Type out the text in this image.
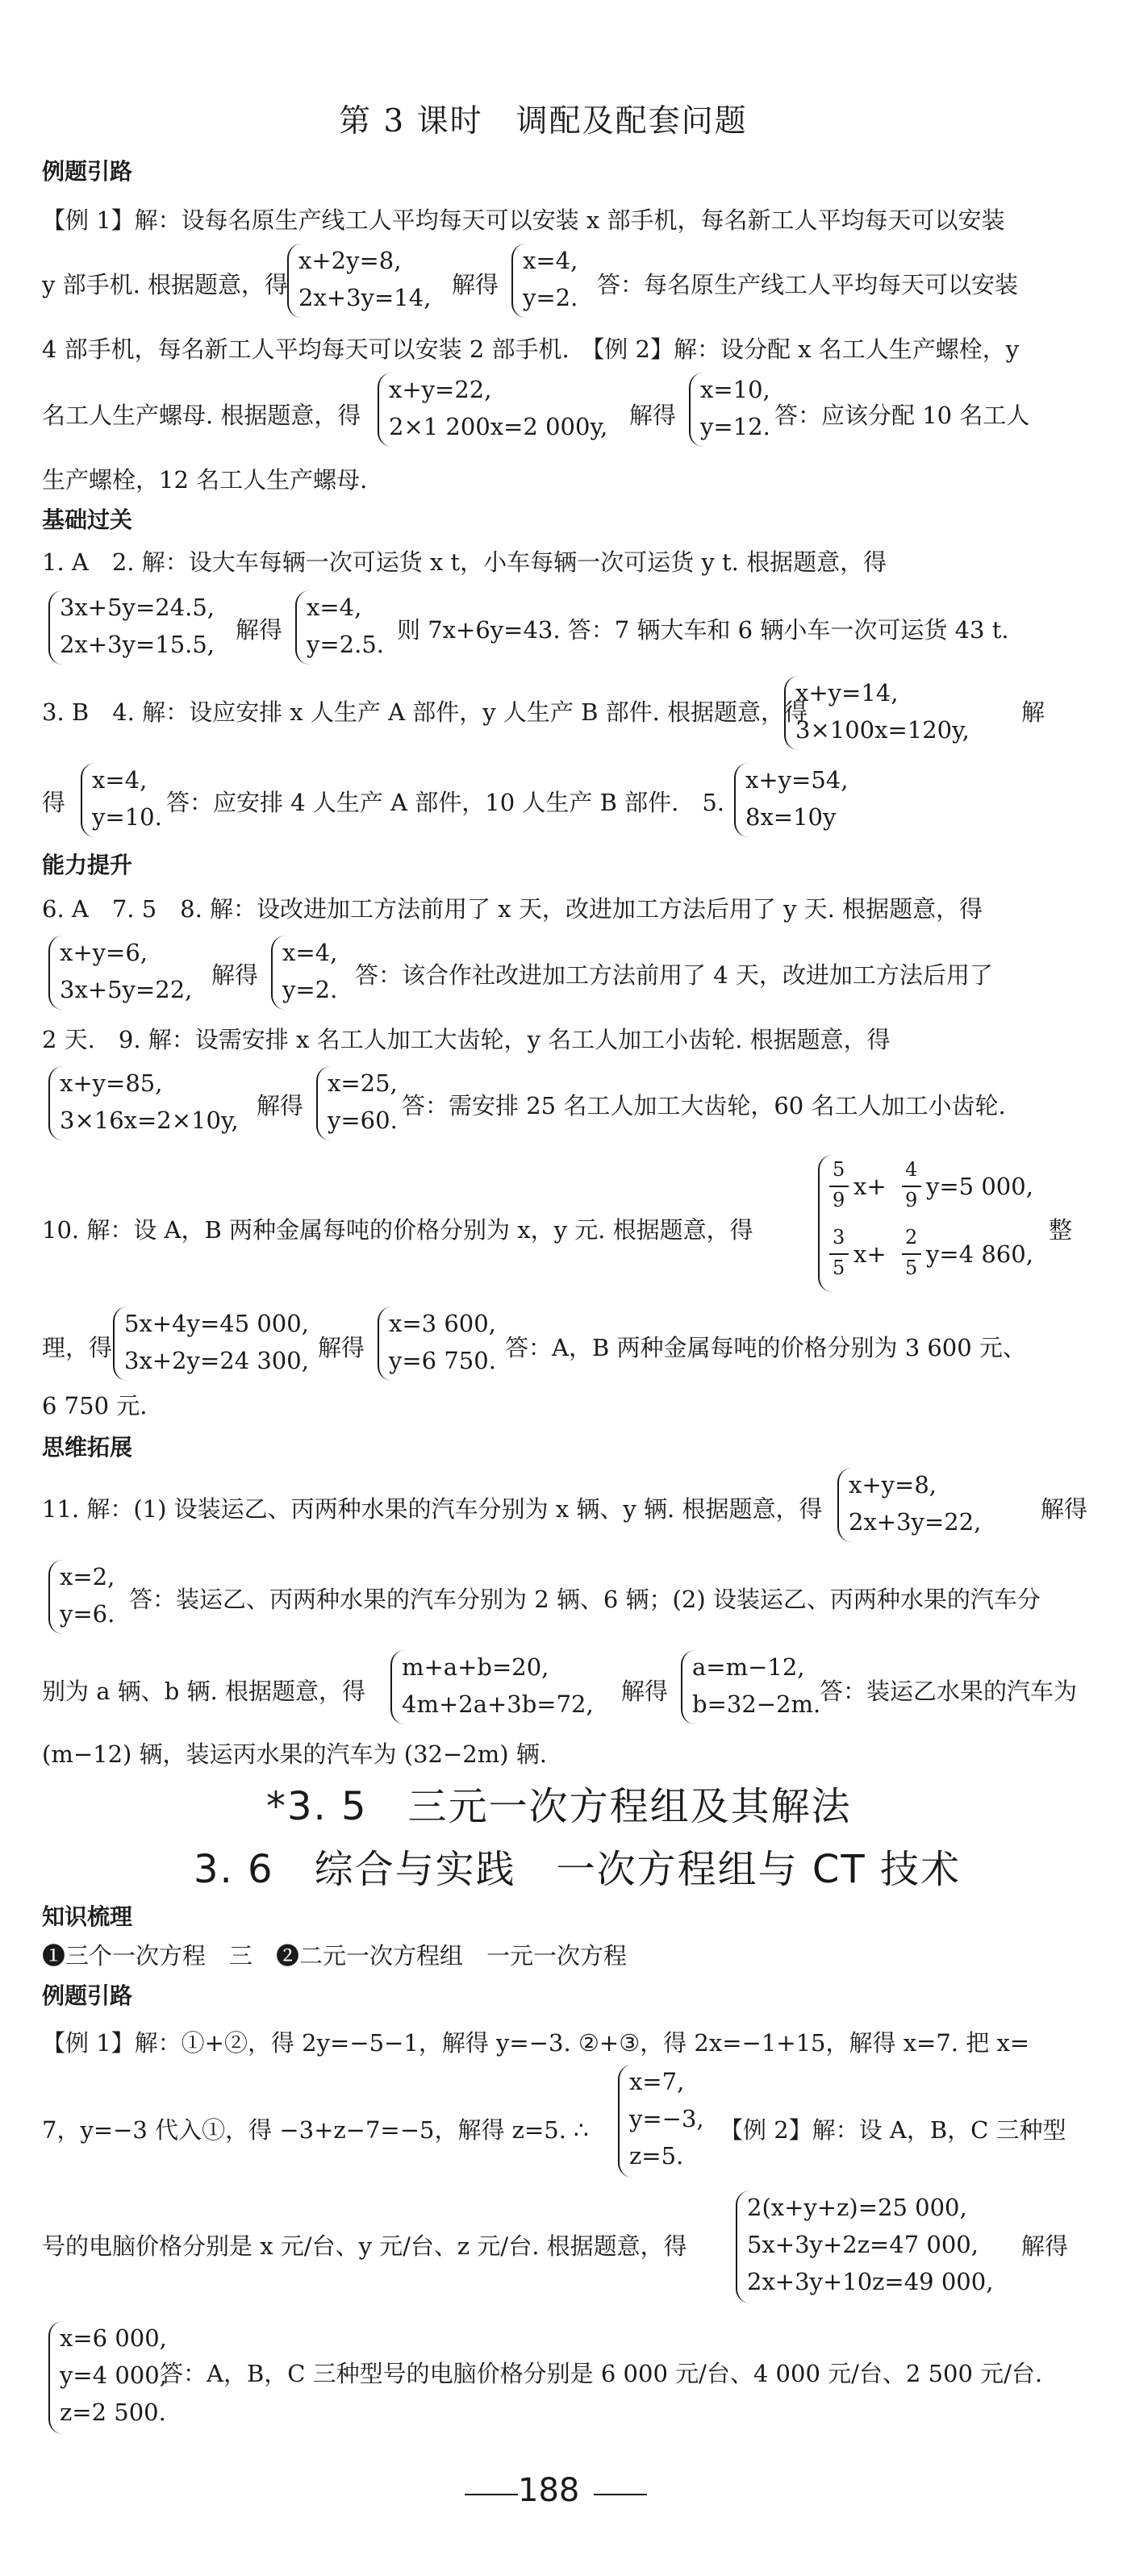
第 3 课时　调配及配套问题
例题引路
【例 1】解：设每名原生产线工人平均每天可以安装 x 部手机，每名新工人平均每天可以安装
y 部手机. 根据题意，得
x+2y=8,
2x+3y=14, 解得
x=4,
y=2. 答：每名原生产线工人平均每天可以安装
4 部手机，每名新工人平均每天可以安装 2 部手机.　【例 2】解：设分配 x 名工人生产螺栓，y
名工人生产螺母. 根据题意，得
x+y=22,
2×1 200x=2 000y, 解得
x=10,
y=12. 答：应该分配 10 名工人
生产螺栓，12 名工人生产螺母.
基础过关
1. A　2. 解：设大车每辆一次可运货 x t，小车每辆一次可运货 y t. 根据题意，得
3x+5y=24.5,
2x+3y=15.5,
解得
x=4,
y=2.5.
则 7x+6y=43. 答：7 辆大车和 6 辆小车一次可运货 43 t.
3. B　4. 解：设应安排 x 人生产 A 部件，y 人生产 B 部件. 根据题意，得
x+y=14,
3×100x=120y,
解
得
x=4,
y=10.
答：应安排 4 人生产 A 部件，10 人生产 B 部件.　5.
x+y=54,
8x=10y
能力提升
6. A　7. 5　8. 解：设改进加工方法前用了 x 天，改进加工方法后用了 y 天. 根据题意，得
x+y=6,
3x+5y=22,
解得
x=4,
y=2.
答：该合作社改进加工方法前用了 4 天，改进加工方法后用了
2 天.　9. 解：设需安排 x 名工人加工大齿轮，y 名工人加工小齿轮. 根据题意，得
x+y=85,
3×16x=2×10y,
解得
x=25,
y=60.
答：需安排 25 名工人加工大齿轮，60 名工人加工小齿轮.
10. 解：设 A，B 两种金属每吨的价格分别为 x，y 元. 根据题意，得
5
9 x+
4
9 y=5 000,
3
5 x+
2
5 y=4 860,
整
理，得
5x+4y=45 000,
3x+2y=24 300, 解得
x=3 600,
y=6 750. 答：A，B 两种金属每吨的价格分别为 3 600 元、
6 750 元.
思维拓展
11. 解：(1) 设装运乙、丙两种水果的汽车分别为 x 辆、y 辆. 根据题意，得
x+y=8,
2x+3y=22,	解得
x=2,
y=6.
答：装运乙、丙两种水果的汽车分别为 2 辆、6 辆；(2) 设装运乙、丙两种水果的汽车分
别为 a 辆、b 辆. 根据题意，得
m+a+b=20,
4m+2a+3b=72, 解得
a=m−12,
b=32−2m.
答：装运乙水果的汽车为
(m−12) 辆，装运丙水果的汽车为 (32−2m) 辆.
*3. 5　三元一次方程组及其解法
3. 6　综合与实践　一次方程组与 CT 技术
知识梳理
❶三个一次方程　三　❷二元一次方程组　一元一次方程
例题引路
【例 1】解：①+②，得 2y=−5−1，解得 y=−3. ②+③，得 2x=−1+15，解得 x=7. 把 x=
7，y=−3 代入①，得 −3+z−7=−5，解得 z=5. ∴
x=7,
y=−3,
z=5.
【例 2】解：设 A，B，C 三种型
2(x+y+z)=25 000,
5x+3y+2z=47 000,
2x+3y+10z=49 000,
号的电脑价格分别是 x 元/台、y 元/台、z 元/台. 根据题意，得	解得
x=6 000,
y=4 000,
z=2 500.
答：A，B，C 三种型号的电脑价格分别是 6 000 元/台、4 000 元/台、2 500 元/台.
188
